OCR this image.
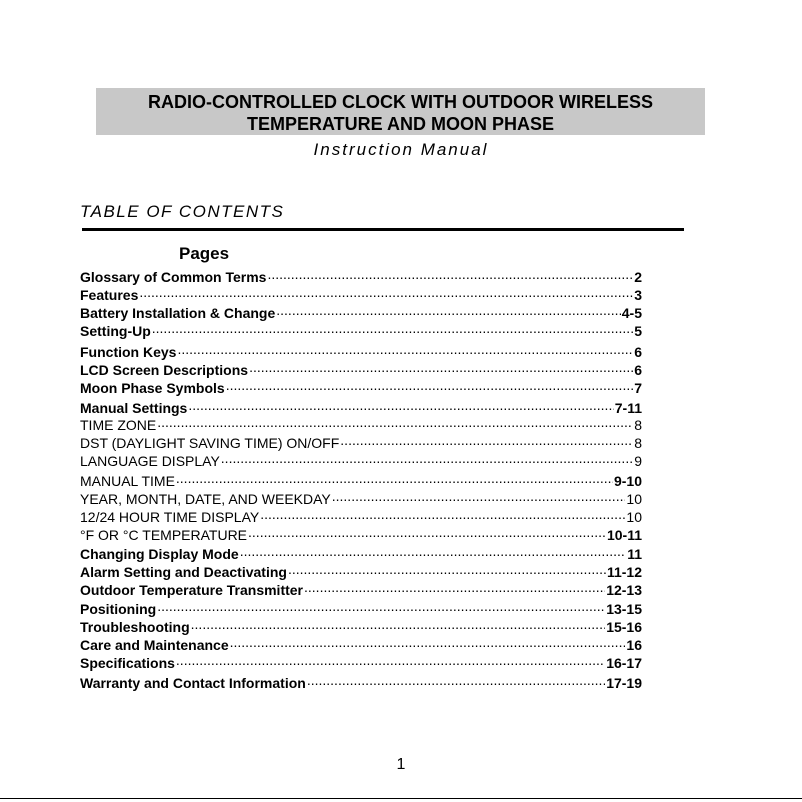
RADIO-CONTROLLED CLOCK WITH OUTDOOR WIRELESS
TEMPERATURE AND MOON PHASE
Instruction Manual
TABLE OF CONTENTS
Pages
Glossary of Common Terms .....	2
Features .....	3
Battery Installation & Change .....	4-5
Setting-Up .....	5
Function Keys .....	6
LCD Screen Descriptions .....	6
Moon Phase Symbols .....	7
Manual Settings .....	7-11
TIME ZONE .....	8
DST (DAYLIGHT SAVING TIME) ON/OFF .....	8
LANGUAGE DISPLAY .....	9
MANUAL TIME .....	9-10
YEAR, MONTH, DATE, AND WEEKDAY .....	10
12/24 HOUR TIME DISPLAY .....	10
°F OR °C TEMPERATURE .....	10-11
Changing Display Mode .....	11
Alarm Setting and Deactivating .....	11-12
Outdoor Temperature Transmitter .....	12-13
Positioning .....	13-15
Troubleshooting .....	15-16
Care and Maintenance .....	16
Specifications .....	16-17
Warranty and Contact Information .....	17-19
1
